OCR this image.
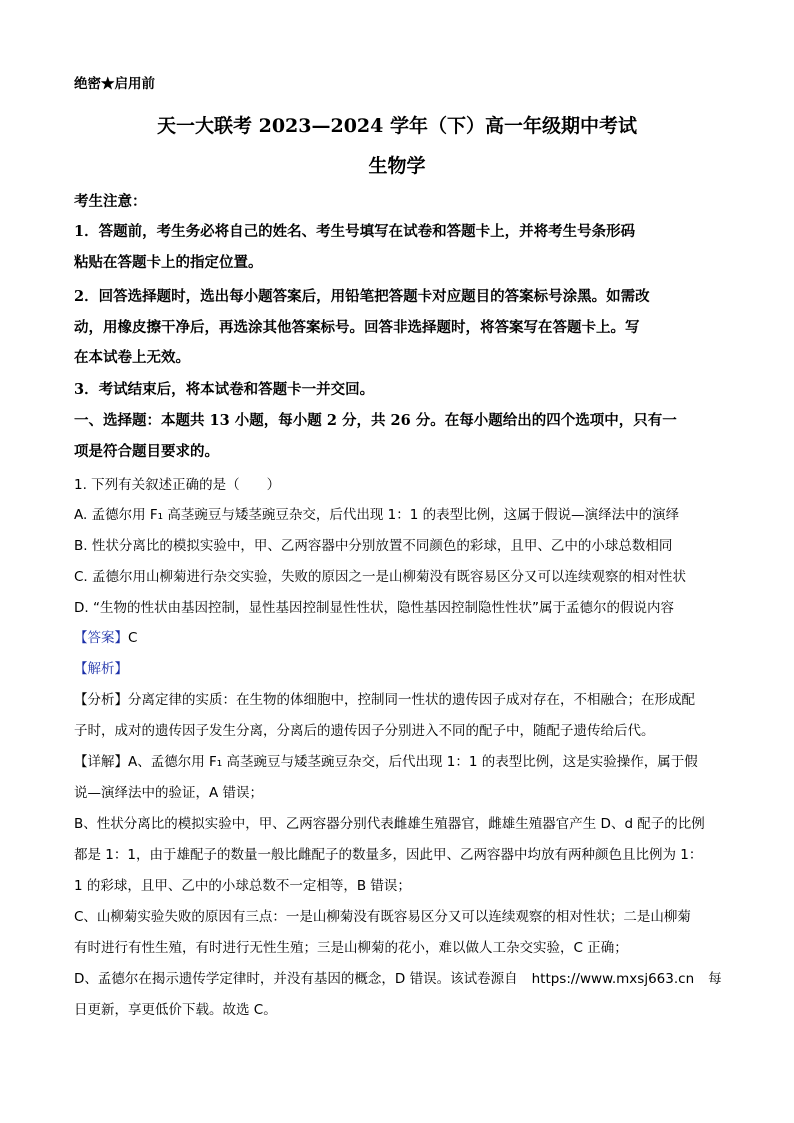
绝密★启用前
天一大联考 2023—2024 学年（下）高一年级期中考试
生物学
考生注意：
1．答题前，考生务必将自己的姓名、考生号填写在试卷和答题卡上，并将考生号条形码
粘贴在答题卡上的指定位置。
2．回答选择题时，选出每小题答案后，用铅笔把答题卡对应题目的答案标号涂黑。如需改
动，用橡皮擦干净后，再选涂其他答案标号。回答非选择题时，将答案写在答题卡上。写
在本试卷上无效。
3．考试结束后，将本试卷和答题卡一并交回。
一、选择题：本题共 13 小题，每小题 2 分，共 26 分。在每小题给出的四个选项中，只有一
项是符合题目要求的。
1. 下列有关叙述正确的是（　　）
A. 孟德尔用 F₁ 高茎豌豆与矮茎豌豆杂交，后代出现 1：1 的表型比例，这属于假说—演绎法中的演绎
B. 性状分离比的模拟实验中，甲、乙两容器中分别放置不同颜色的彩球，且甲、乙中的小球总数相同
C. 孟德尔用山柳菊进行杂交实验，失败的原因之一是山柳菊没有既容易区分又可以连续观察的相对性状
D. “生物的性状由基因控制，显性基因控制显性性状，隐性基因控制隐性性状”属于孟德尔的假说内容
【答案】C
【解析】
【分析】分离定律的实质：在生物的体细胞中，控制同一性状的遗传因子成对存在，不相融合；在形成配
子时，成对的遗传因子发生分离，分离后的遗传因子分别进入不同的配子中，随配子遗传给后代。
【详解】A、孟德尔用 F₁ 高茎豌豆与矮茎豌豆杂交，后代出现 1：1 的表型比例，这是实验操作，属于假
说—演绎法中的验证，A 错误；
B、性状分离比的模拟实验中，甲、乙两容器分别代表雌雄生殖器官，雌雄生殖器官产生 D、d 配子的比例
都是 1：1，由于雄配子的数量一般比雌配子的数量多，因此甲、乙两容器中均放有两种颜色且比例为 1：
1 的彩球，且甲、乙中的小球总数不一定相等，B 错误；
C、山柳菊实验失败的原因有三点：一是山柳菊没有既容易区分又可以连续观察的相对性状；二是山柳菊
有时进行有性生殖，有时进行无性生殖；三是山柳菊的花小，难以做人工杂交实验，C 正确；
D、孟德尔在揭示遗传学定律时，并没有基因的概念，D 错误。该试卷源自 https://www.mxsj663.cn 每
日更新，享更低价下载。故选 C。
